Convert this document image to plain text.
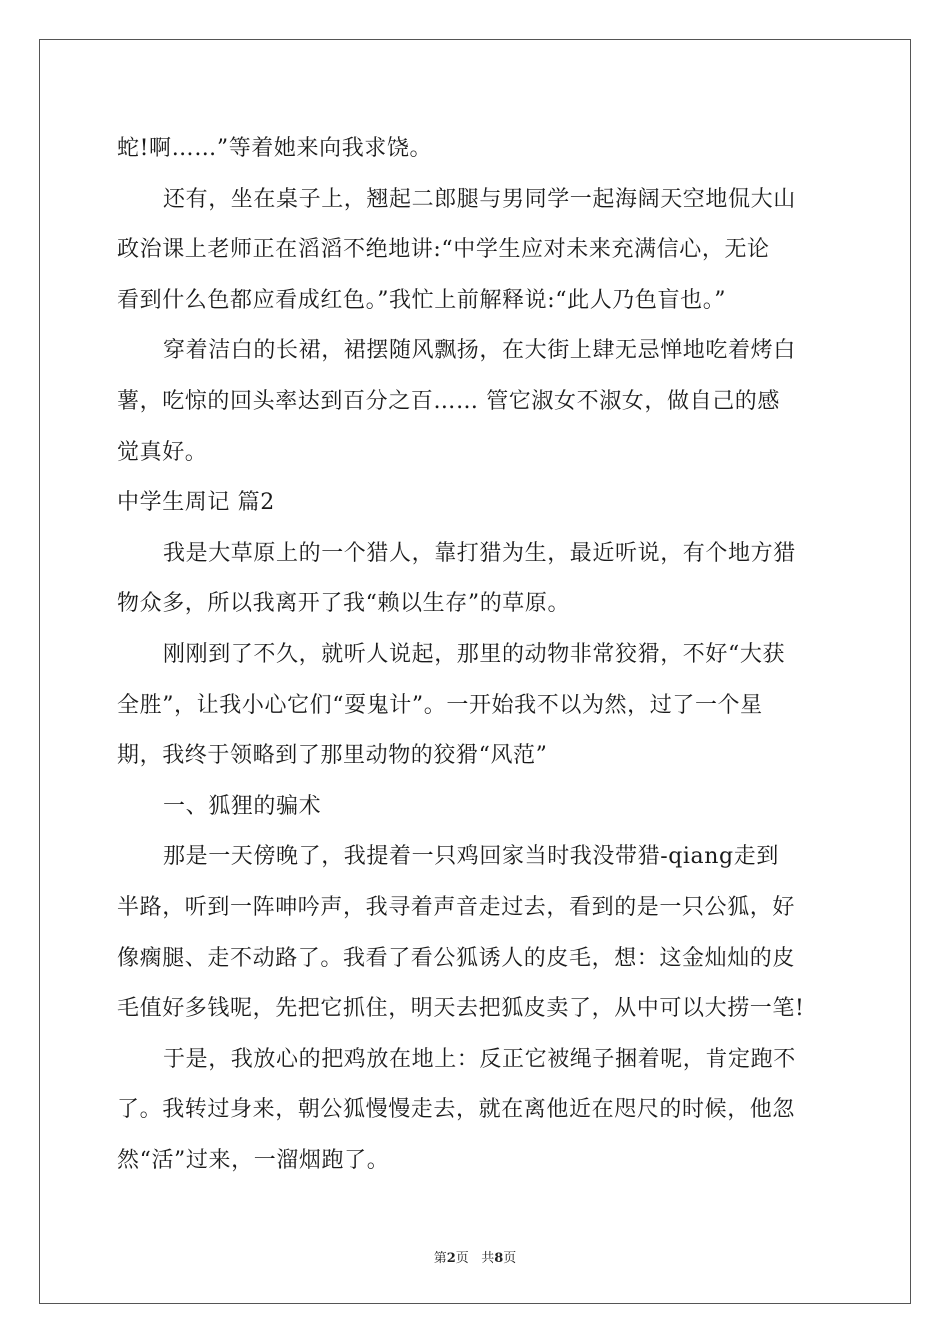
蛇!啊……”等着她来向我求饶。
还有，坐在桌子上，翘起二郎腿与男同学一起海阔天空地侃大山
政治课上老师正在滔滔不绝地讲:“中学生应对未来充满信心，无论
看到什么色都应看成红色。”我忙上前解释说:“此人乃色盲也。”
穿着洁白的长裙，裙摆随风飘扬，在大街上肆无忌惮地吃着烤白
薯，吃惊的回头率达到百分之百…… 管它淑女不淑女，做自己的感
觉真好。
中学生周记 篇2
我是大草原上的一个猎人，靠打猎为生，最近听说，有个地方猎
物众多，所以我离开了我“赖以生存”的草原。
刚刚到了不久，就听人说起，那里的动物非常狡猾，不好“大获
全胜”，让我小心它们“耍鬼计”。一开始我不以为然，过了一个星
期，我终于领略到了那里动物的狡猾“风范”
一、狐狸的骗术
那是一天傍晚了，我提着一只鸡回家当时我没带猎-qiang走到
半路，听到一阵呻吟声，我寻着声音走过去，看到的是一只公狐，好
像瘸腿、走不动路了。我看了看公狐诱人的皮毛，想：这金灿灿的皮
毛值好多钱呢，先把它抓住，明天去把狐皮卖了，从中可以大捞一笔!
于是，我放心的把鸡放在地上：反正它被绳子捆着呢，肯定跑不
了。我转过身来，朝公狐慢慢走去，就在离他近在咫尺的时候，他忽
然“活”过来，一溜烟跑了。
第2页 共8页
